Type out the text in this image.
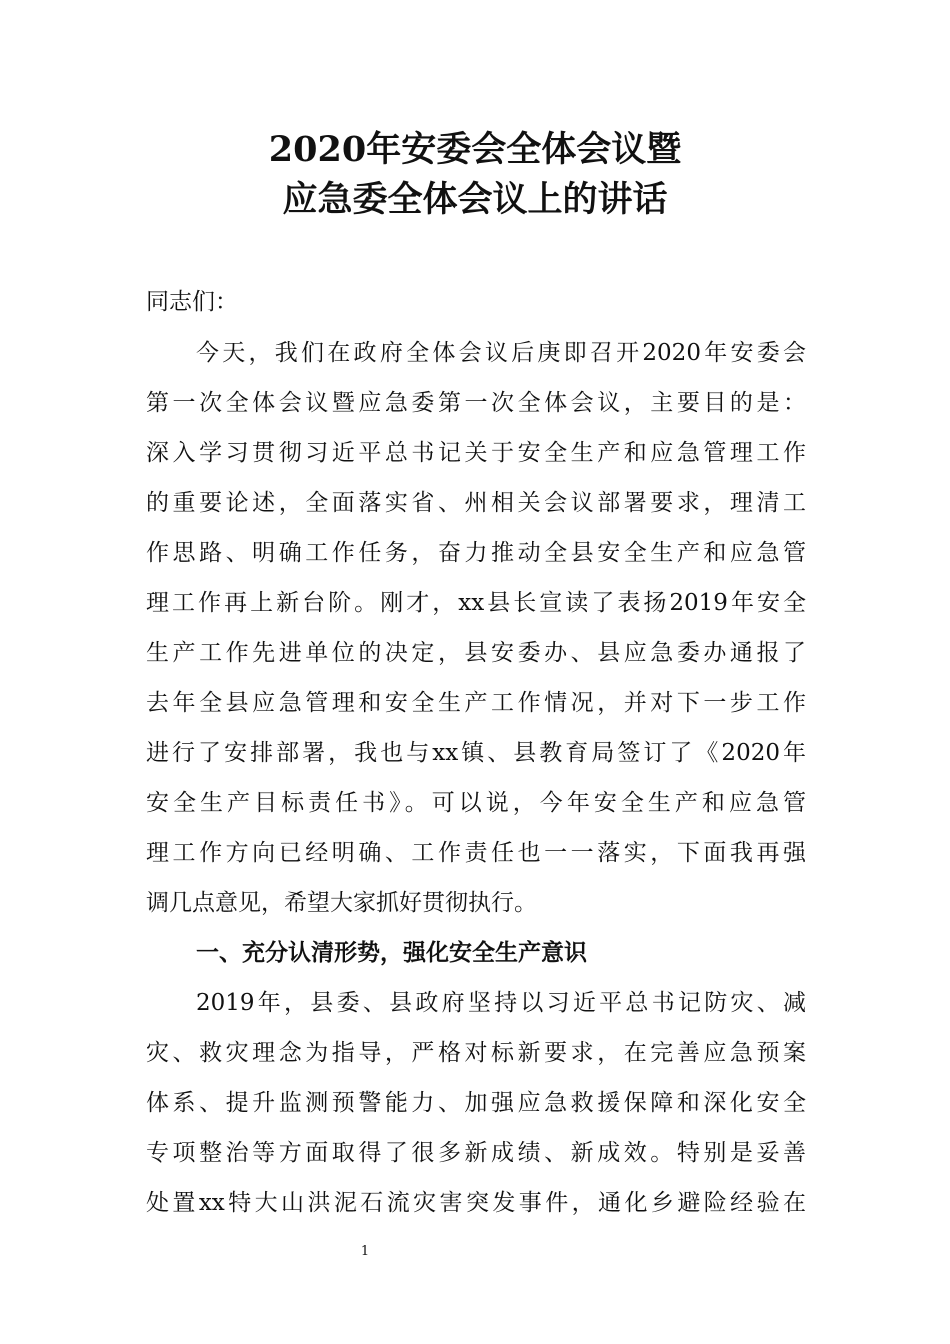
2020年安委会全体会议暨
应急委全体会议上的讲话
同志们：
今天，我们在政府全体会议后庚即召开2020年安委会
第一次全体会议暨应急委第一次全体会议，主要目的是：
深入学习贯彻习近平总书记关于安全生产和应急管理工作
的重要论述，全面落实省、州相关会议部署要求，理清工
作思路、明确工作任务，奋力推动全县安全生产和应急管
理工作再上新台阶。刚才，xx县长宣读了表扬2019年安全
生产工作先进单位的决定，县安委办、县应急委办通报了
去年全县应急管理和安全生产工作情况，并对下一步工作
进行了安排部署，我也与xx镇、县教育局签订了《2020年
安全生产目标责任书》。可以说，今年安全生产和应急管
理工作方向已经明确、工作责任也一一落实，下面我再强
调几点意见，希望大家抓好贯彻执行。
一、充分认清形势，强化安全生产意识
2019年，县委、县政府坚持以习近平总书记防灾、减
灾、救灾理念为指导，严格对标新要求，在完善应急预案
体系、提升监测预警能力、加强应急救援保障和深化安全
专项整治等方面取得了很多新成绩、新成效。特别是妥善
处置xx特大山洪泥石流灾害突发事件，通化乡避险经验在
1
